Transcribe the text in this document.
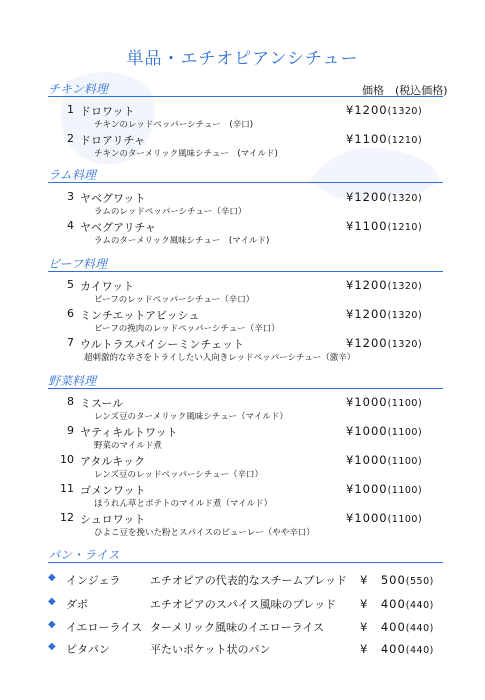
単品・エチオピアンシチュー
価格　(税込価格)
チキン料理
1 ドロワット
チキンのレッドペッパーシチュー　(辛口)
¥1200(1320)
2 ドロアリチャ
チキンのターメリック風味シチュー　(マイルド)
¥1100(1210)
ラム料理
3 ヤベグワット
ラムのレッドペッパーシチュー（辛口）
¥1200(1320)
4 ヤベグアリチャ
ラムのターメリック風味シチュー　(マイルド)
¥1100(1210)
ビーフ料理
5 カイワット
ビーフのレッドペッパーシチュー（辛口）
¥1200(1320)
6 ミンチエットアビッシュ
ビーフの挽肉のレッドペッパーシチュー（辛口）
¥1200(1320)
7 ウルトラスパイシーミンチェット
超刺激的な辛さをトライしたい人向きレッドペッパーシチュー（激辛）
¥1200(1320)
野菜料理
8 ミスール
レンズ豆のターメリック風味シチュー（マイルド）
¥1000(1100)
9 ヤティキルトワット
野菜のマイルド煮
¥1000(1100)
10 アタルキック
レンズ豆のレッドペッパーシチュー（辛口）
¥1000(1100)
11 ゴメンワット
ほうれん草とポテトのマイルド煮（マイルド）
¥1000(1100)
12 シュロワット
ひよこ豆を挽いた粉とスパイスのピューレー（やや辛口）
¥1000(1100)
パン・ライス
◆ インジェラ	エチオピアの代表的なスチームブレッド ¥　500(550)
◆ ダボ	エチオピアのスパイス風味のブレッド ¥　400(440)
◆ イエローライス ターメリック風味のイエローライス	¥　400(440)
◆ ピタパン	平たいポケット状のパン	¥　400(440)
